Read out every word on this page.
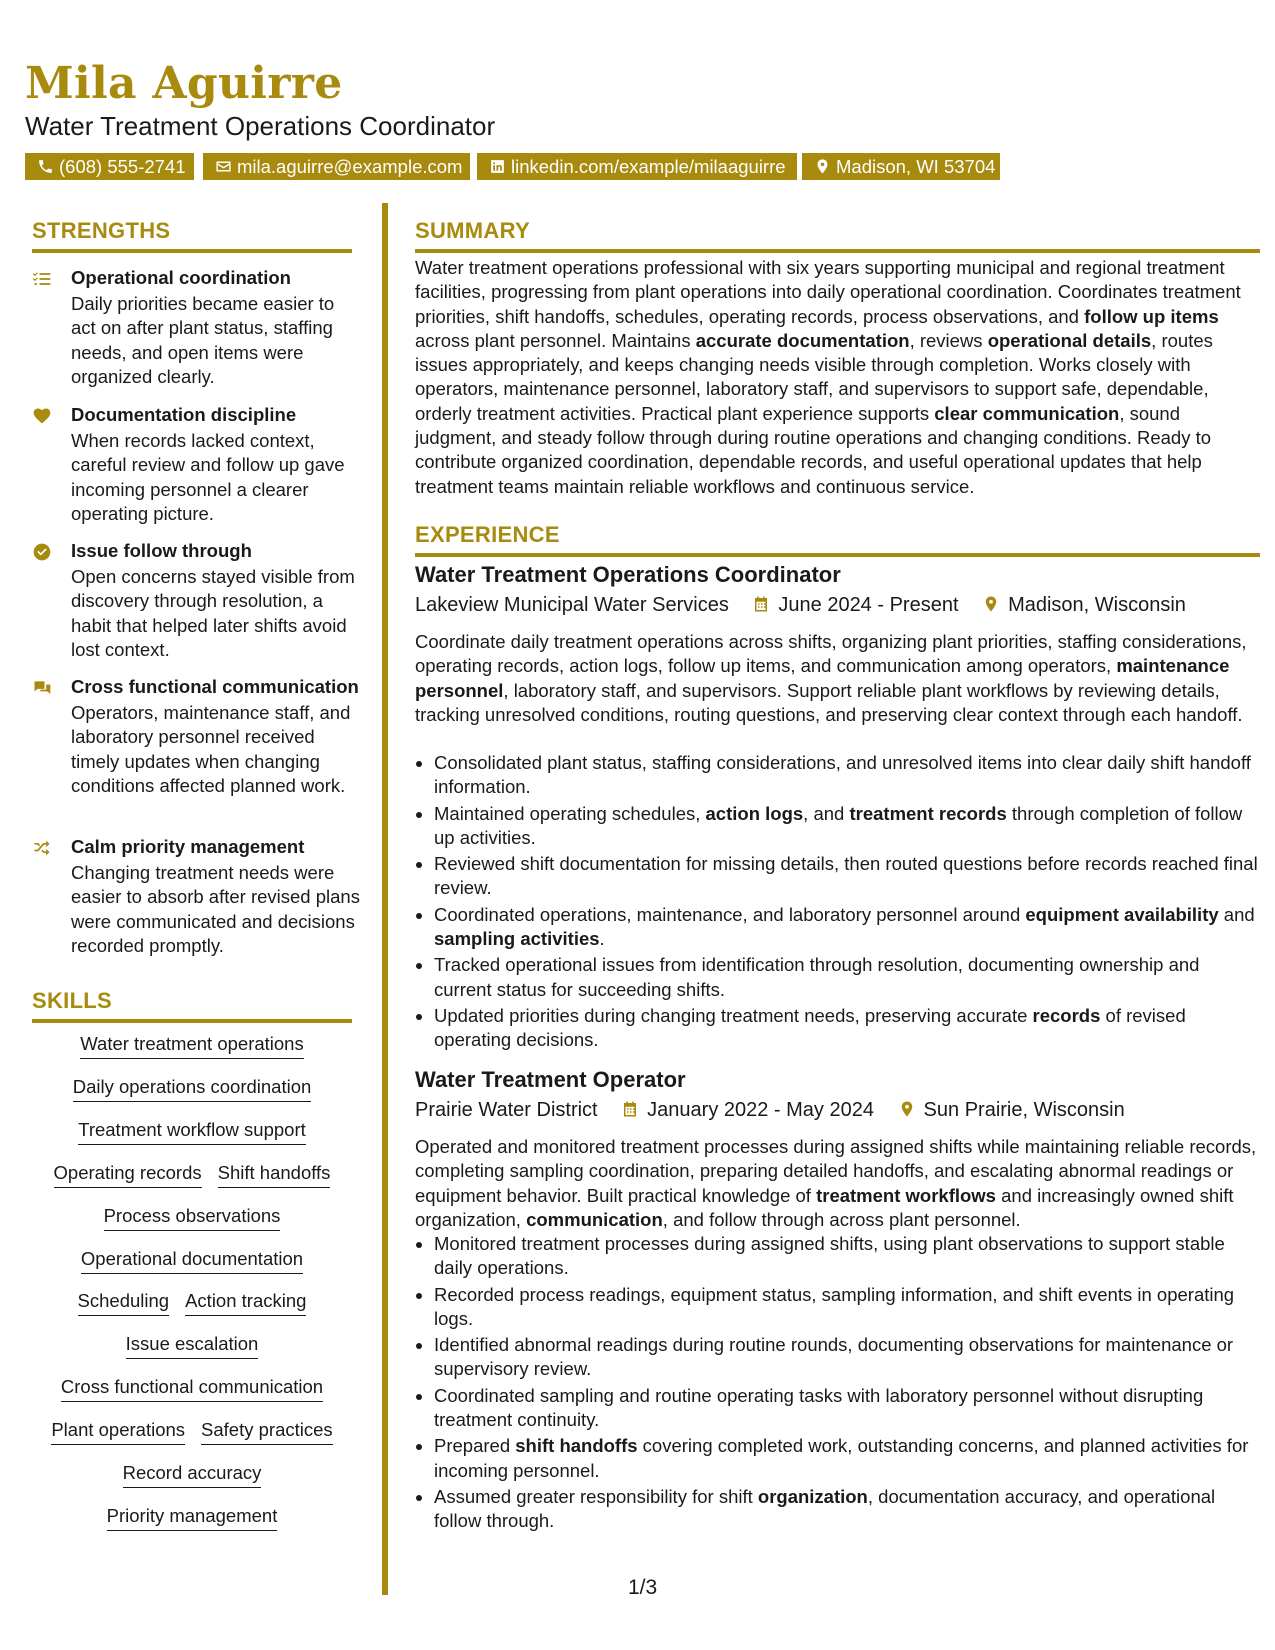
Mila Aguirre
Water Treatment Operations Coordinator
(608) 555-2741	mila.aguirre@example.com	linkedin.com/example/milaaguirre	Madison, WI 53704
STRENGTHS
Operational coordination
Daily priorities became easier to act on after plant status, staffing needs, and open items were organized clearly.
Documentation discipline
When records lacked context, careful review and follow up gave incoming personnel a clearer operating picture.
Issue follow through
Open concerns stayed visible from discovery through resolution, a habit that helped later shifts avoid lost context.
Cross functional communication
Operators, maintenance staff, and laboratory personnel received timely updates when changing conditions affected planned work.
Calm priority management
Changing treatment needs were easier to absorb after revised plans were communicated and decisions recorded promptly.
SKILLS
Water treatment operations
Daily operations coordination
Treatment workflow support
Operating records Shift handoffs
Process observations
Operational documentation
Scheduling Action tracking
Issue escalation
Cross functional communication
Plant operations Safety practices
Record accuracy
Priority management
SUMMARY
Water treatment operations professional with six years supporting municipal and regional treatment facilities, progressing from plant operations into daily operational coordination. Coordinates treatment priorities, shift handoffs, schedules, operating records, process observations, and follow up items across plant personnel. Maintains accurate documentation, reviews operational details, routes issues appropriately, and keeps changing needs visible through completion. Works closely with operators, maintenance personnel, laboratory staff, and supervisors to support safe, dependable, orderly treatment activities. Practical plant experience supports clear communication, sound judgment, and steady follow through during routine operations and changing conditions. Ready to contribute organized coordination, dependable records, and useful operational updates that help treatment teams maintain reliable workflows and continuous service.
EXPERIENCE
Water Treatment Operations Coordinator
Lakeview Municipal Water Services June 2024 - Present Madison, Wisconsin
Coordinate daily treatment operations across shifts, organizing plant priorities, staffing considerations, operating records, action logs, follow up items, and communication among operators, maintenance personnel, laboratory staff, and supervisors. Support reliable plant workflows by reviewing details, tracking unresolved conditions, routing questions, and preserving clear context through each handoff.
• Consolidated plant status, staffing considerations, and unresolved items into clear daily shift handoff information.
• Maintained operating schedules, action logs, and treatment records through completion of follow up activities.
• Reviewed shift documentation for missing details, then routed questions before records reached final review.
• Coordinated operations, maintenance, and laboratory personnel around equipment availability and sampling activities.
• Tracked operational issues from identification through resolution, documenting ownership and current status for succeeding shifts.
• Updated priorities during changing treatment needs, preserving accurate records of revised operating decisions.
Water Treatment Operator
Prairie Water District January 2022 - May 2024 Sun Prairie, Wisconsin
Operated and monitored treatment processes during assigned shifts while maintaining reliable records, completing sampling coordination, preparing detailed handoffs, and escalating abnormal readings or equipment behavior. Built practical knowledge of treatment workflows and increasingly owned shift organization, communication, and follow through across plant personnel.
• Monitored treatment processes during assigned shifts, using plant observations to support stable daily operations.
• Recorded process readings, equipment status, sampling information, and shift events in operating logs.
• Identified abnormal readings during routine rounds, documenting observations for maintenance or supervisory review.
• Coordinated sampling and routine operating tasks with laboratory personnel without disrupting treatment continuity.
• Prepared shift handoffs covering completed work, outstanding concerns, and planned activities for incoming personnel.
• Assumed greater responsibility for shift organization, documentation accuracy, and operational follow through.
1/3
